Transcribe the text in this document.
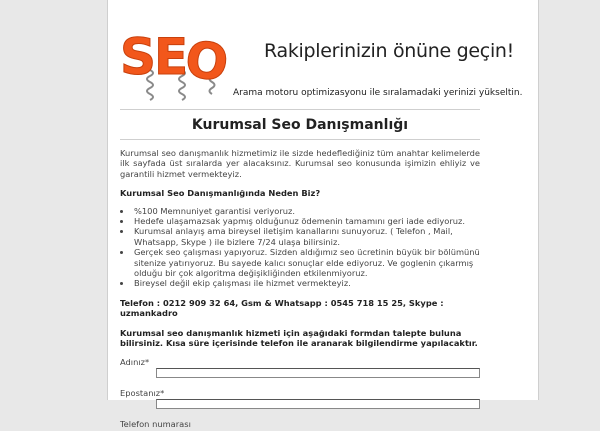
S
E
O Rakiplerinizin önüne geçin!
Arama motoru optimizasyonu ile sıralamadaki yerinizi yükseltin.
Kurumsal Seo Danışmanlığı

Kurumsal seo danışmanlık hizmetimiz ile sizde hedeflediğiniz tüm anahtar kelimelerde ilk sayfada üst sıralarda yer alacaksınız. Kurumsal seo konusunda işimizin ehliyiz ve garantili hizmet vermekteyiz.

Kurumsal Seo Danışmanlığında Neden Biz?

• %100 Memnuniyet garantisi veriyoruz.
• Hedefe ulaşamazsak yapmış olduğunuz ödemenin tamamını geri iade ediyoruz.
• Kurumsal anlayış ama bireysel iletişim kanallarını sunuyoruz. ( Telefon , Mail, Whatsapp, Skype ) ile bizlere 7/24 ulaşa bilirsiniz.
• Gerçek seo çalışması yapıyoruz. Sizden aldığımız seo ücretinin büyük bir bölümünü sitenize yatırıyoruz. Bu sayede kalıcı sonuçlar elde ediyoruz. Ve goglenin çıkarmış olduğu bir çok algoritma değişikliğinden etkilenmiyoruz.
• Bireysel değil ekip çalışması ile hizmet vermekteyiz.

Telefon : 0212 909 32 64, Gsm & Whatsapp : 0545 718 15 25, Skype : uzmankadro

Kurumsal seo danışmanlık hizmeti için aşağıdaki formdan talepte buluna bilirsiniz. Kısa süre içerisinde telefon ile aranarak bilgilendirme yapılacaktır.

Adınız*
Epostanız*
Telefon numarası
